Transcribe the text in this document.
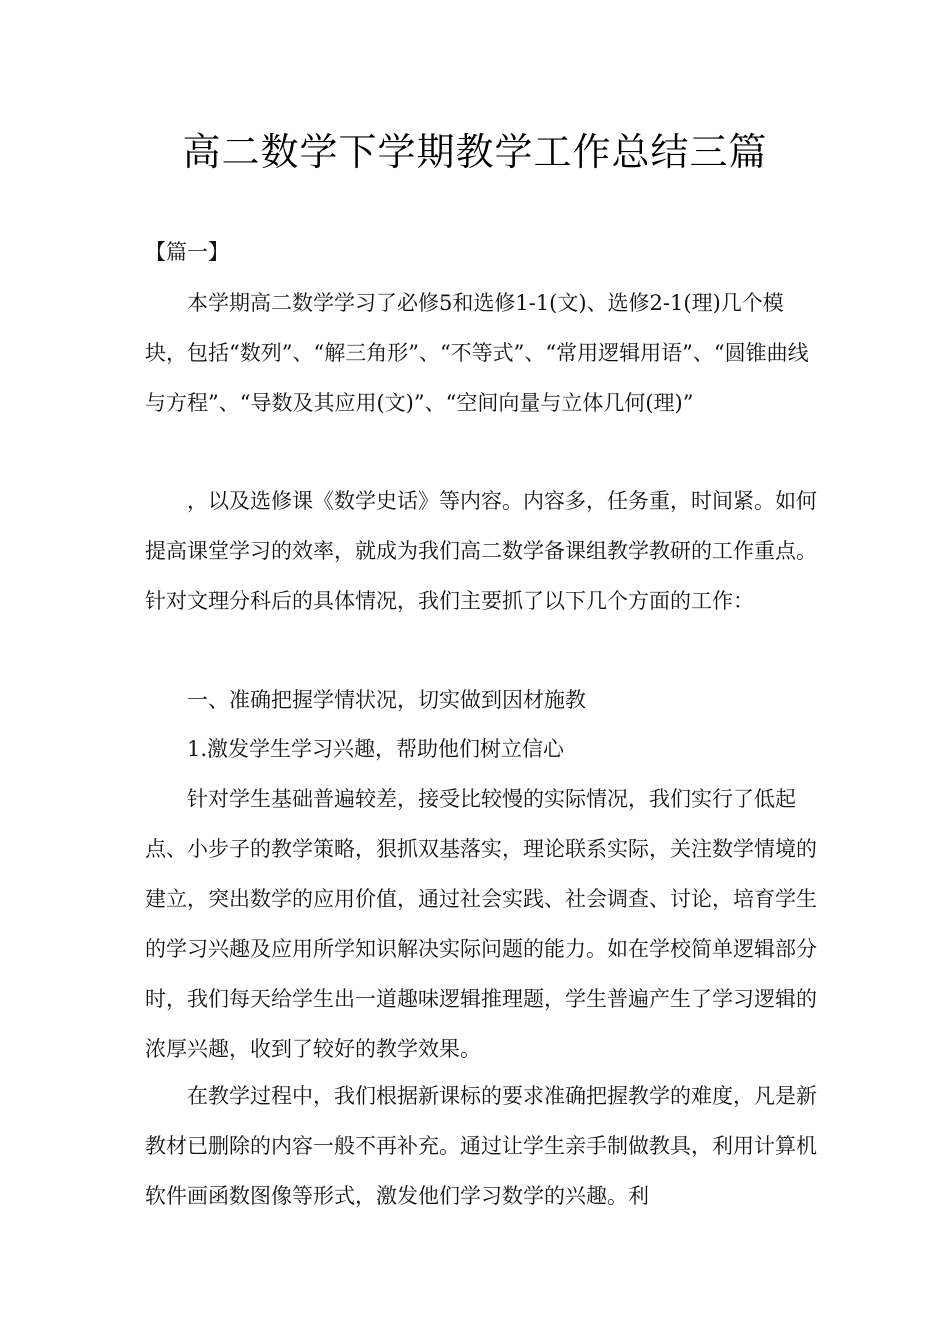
高二数学下学期教学工作总结三篇
【篇一】

本学期高二数学学习了必修5和选修1-1(文)、选修2-1(理)几个模块，包括“数列”、“解三角形”、“不等式”、“常用逻辑用语”、“圆锥曲线与方程”、“导数及其应用(文)”、“空间向量与立体几何(理)”

，以及选修课《数学史话》等内容。内容多，任务重，时间紧。如何提高课堂学习的效率，就成为我们高二数学备课组教学教研的工作重点。针对文理分科后的具体情况，我们主要抓了以下几个方面的工作：

一、准确把握学情状况，切实做到因材施教

1.激发学生学习兴趣，帮助他们树立信心

针对学生基础普遍较差，接受比较慢的实际情况，我们实行了低起点、小步子的教学策略，狠抓双基落实，理论联系实际，关注数学情境的建立，突出数学的应用价值，通过社会实践、社会调查、讨论，培育学生的学习兴趣及应用所学知识解决实际问题的能力。如在学校简单逻辑部分时，我们每天给学生出一道趣味逻辑推理题，学生普遍产生了学习逻辑的浓厚兴趣，收到了较好的教学效果。

在教学过程中，我们根据新课标的要求准确把握教学的难度，凡是新教材已删除的内容一般不再补充。通过让学生亲手制做教具，利用计算机软件画函数图像等形式，激发他们学习数学的兴趣。利
